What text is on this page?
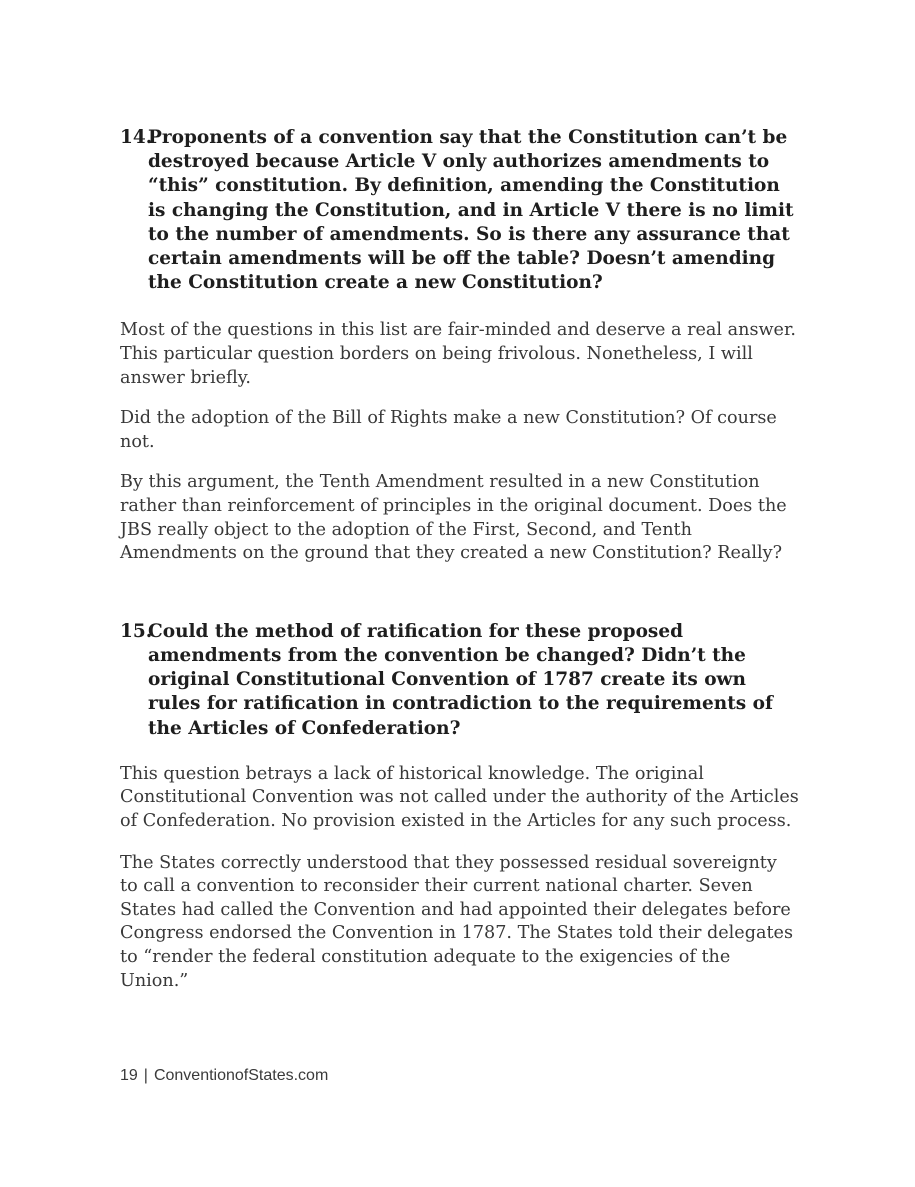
14.
Proponents of a convention say that the Constitution can’t be destroyed because Article V only authorizes amendments to “this” constitution. By definition, amending the Constitution is changing the Constitution, and in Article V there is no limit to the number of amendments. So is there any assurance that certain amendments will be off the table? Doesn’t amending the Constitution create a new Constitution?

Most of the questions in this list are fair-minded and deserve a real answer. This particular question borders on being frivolous. Nonetheless, I will answer briefly.

Did the adoption of the Bill of Rights make a new Constitution? Of course not.

By this argument, the Tenth Amendment resulted in a new Constitution rather than reinforcement of principles in the original document. Does the JBS really object to the adoption of the First, Second, and Tenth Amendments on the ground that they created a new Constitution? Really?

15.
Could the method of ratification for these proposed amendments from the convention be changed? Didn’t the original Constitutional Convention of 1787 create its own rules for ratification in contradiction to the requirements of the Articles of Confederation?

This question betrays a lack of historical knowledge. The original Constitutional Convention was not called under the authority of the Articles of Confederation. No provision existed in the Articles for any such process.

The States correctly understood that they possessed residual sovereignty to call a convention to reconsider their current national charter. Seven States had called the Convention and had appointed their delegates before Congress endorsed the Convention in 1787. The States told their delegates to “render the federal constitution adequate to the exigencies of the Union.”

19 | ConventionofStates.com
